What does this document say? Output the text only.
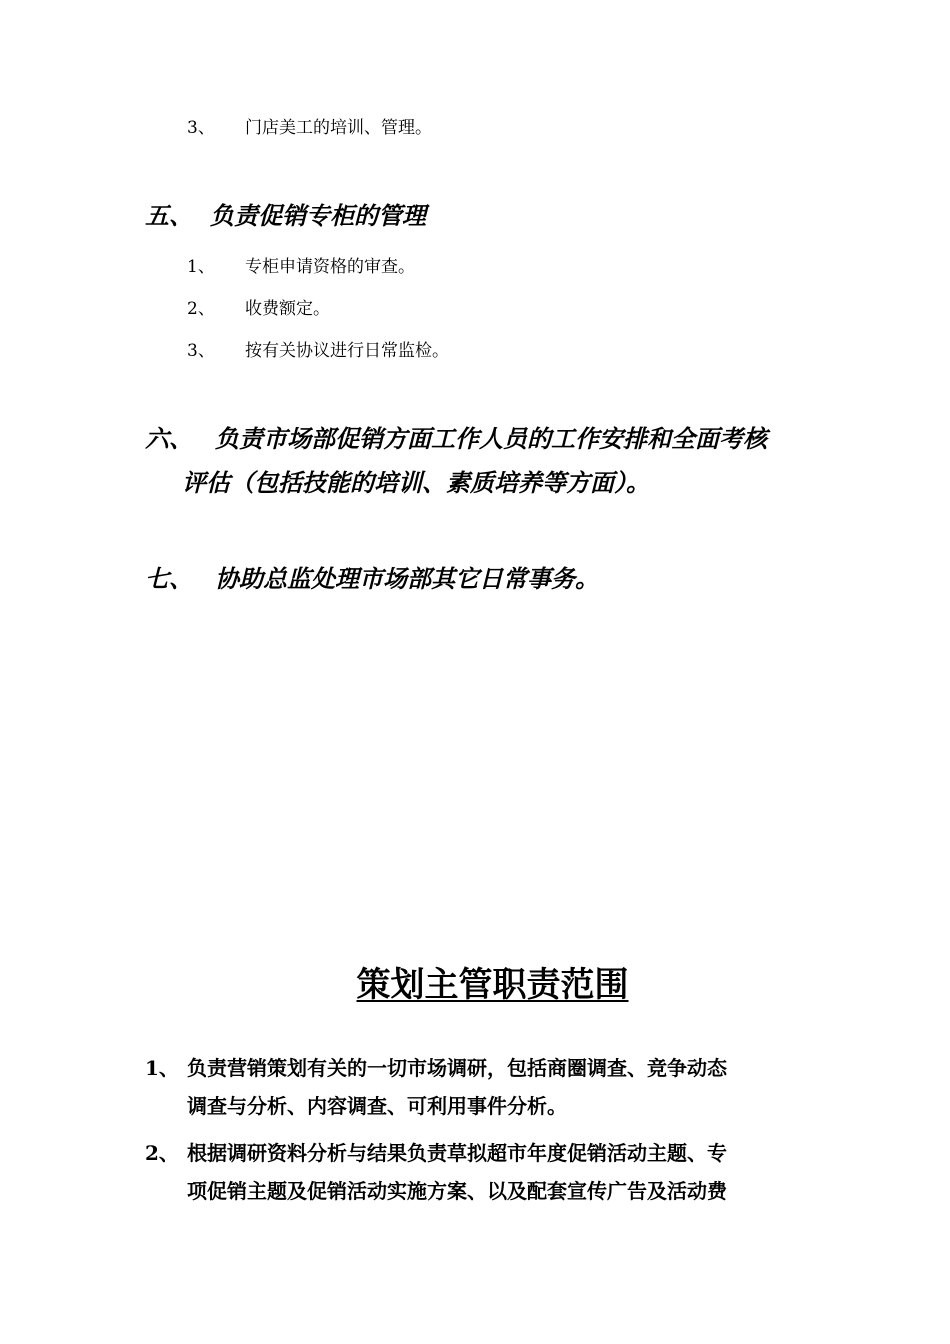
3、 门店美工的培训、管理。
五、 负责促销专柜的管理
1、 专柜申请资格的审查。
2、 收费额定。
3、 按有关协议进行日常监检。
六、 负责市场部促销方面工作人员的工作安排和全面考核
评估（包括技能的培训、素质培养等方面）。
七、 协助总监处理市场部其它日常事务。
策划主管职责范围
1、 负责营销策划有关的一切市场调研，包括商圈调查、竞争动态
调查与分析、内容调查、可利用事件分析。
2、 根据调研资料分析与结果负责草拟超市年度促销活动主题、专
项促销主题及促销活动实施方案、以及配套宣传广告及活动费
